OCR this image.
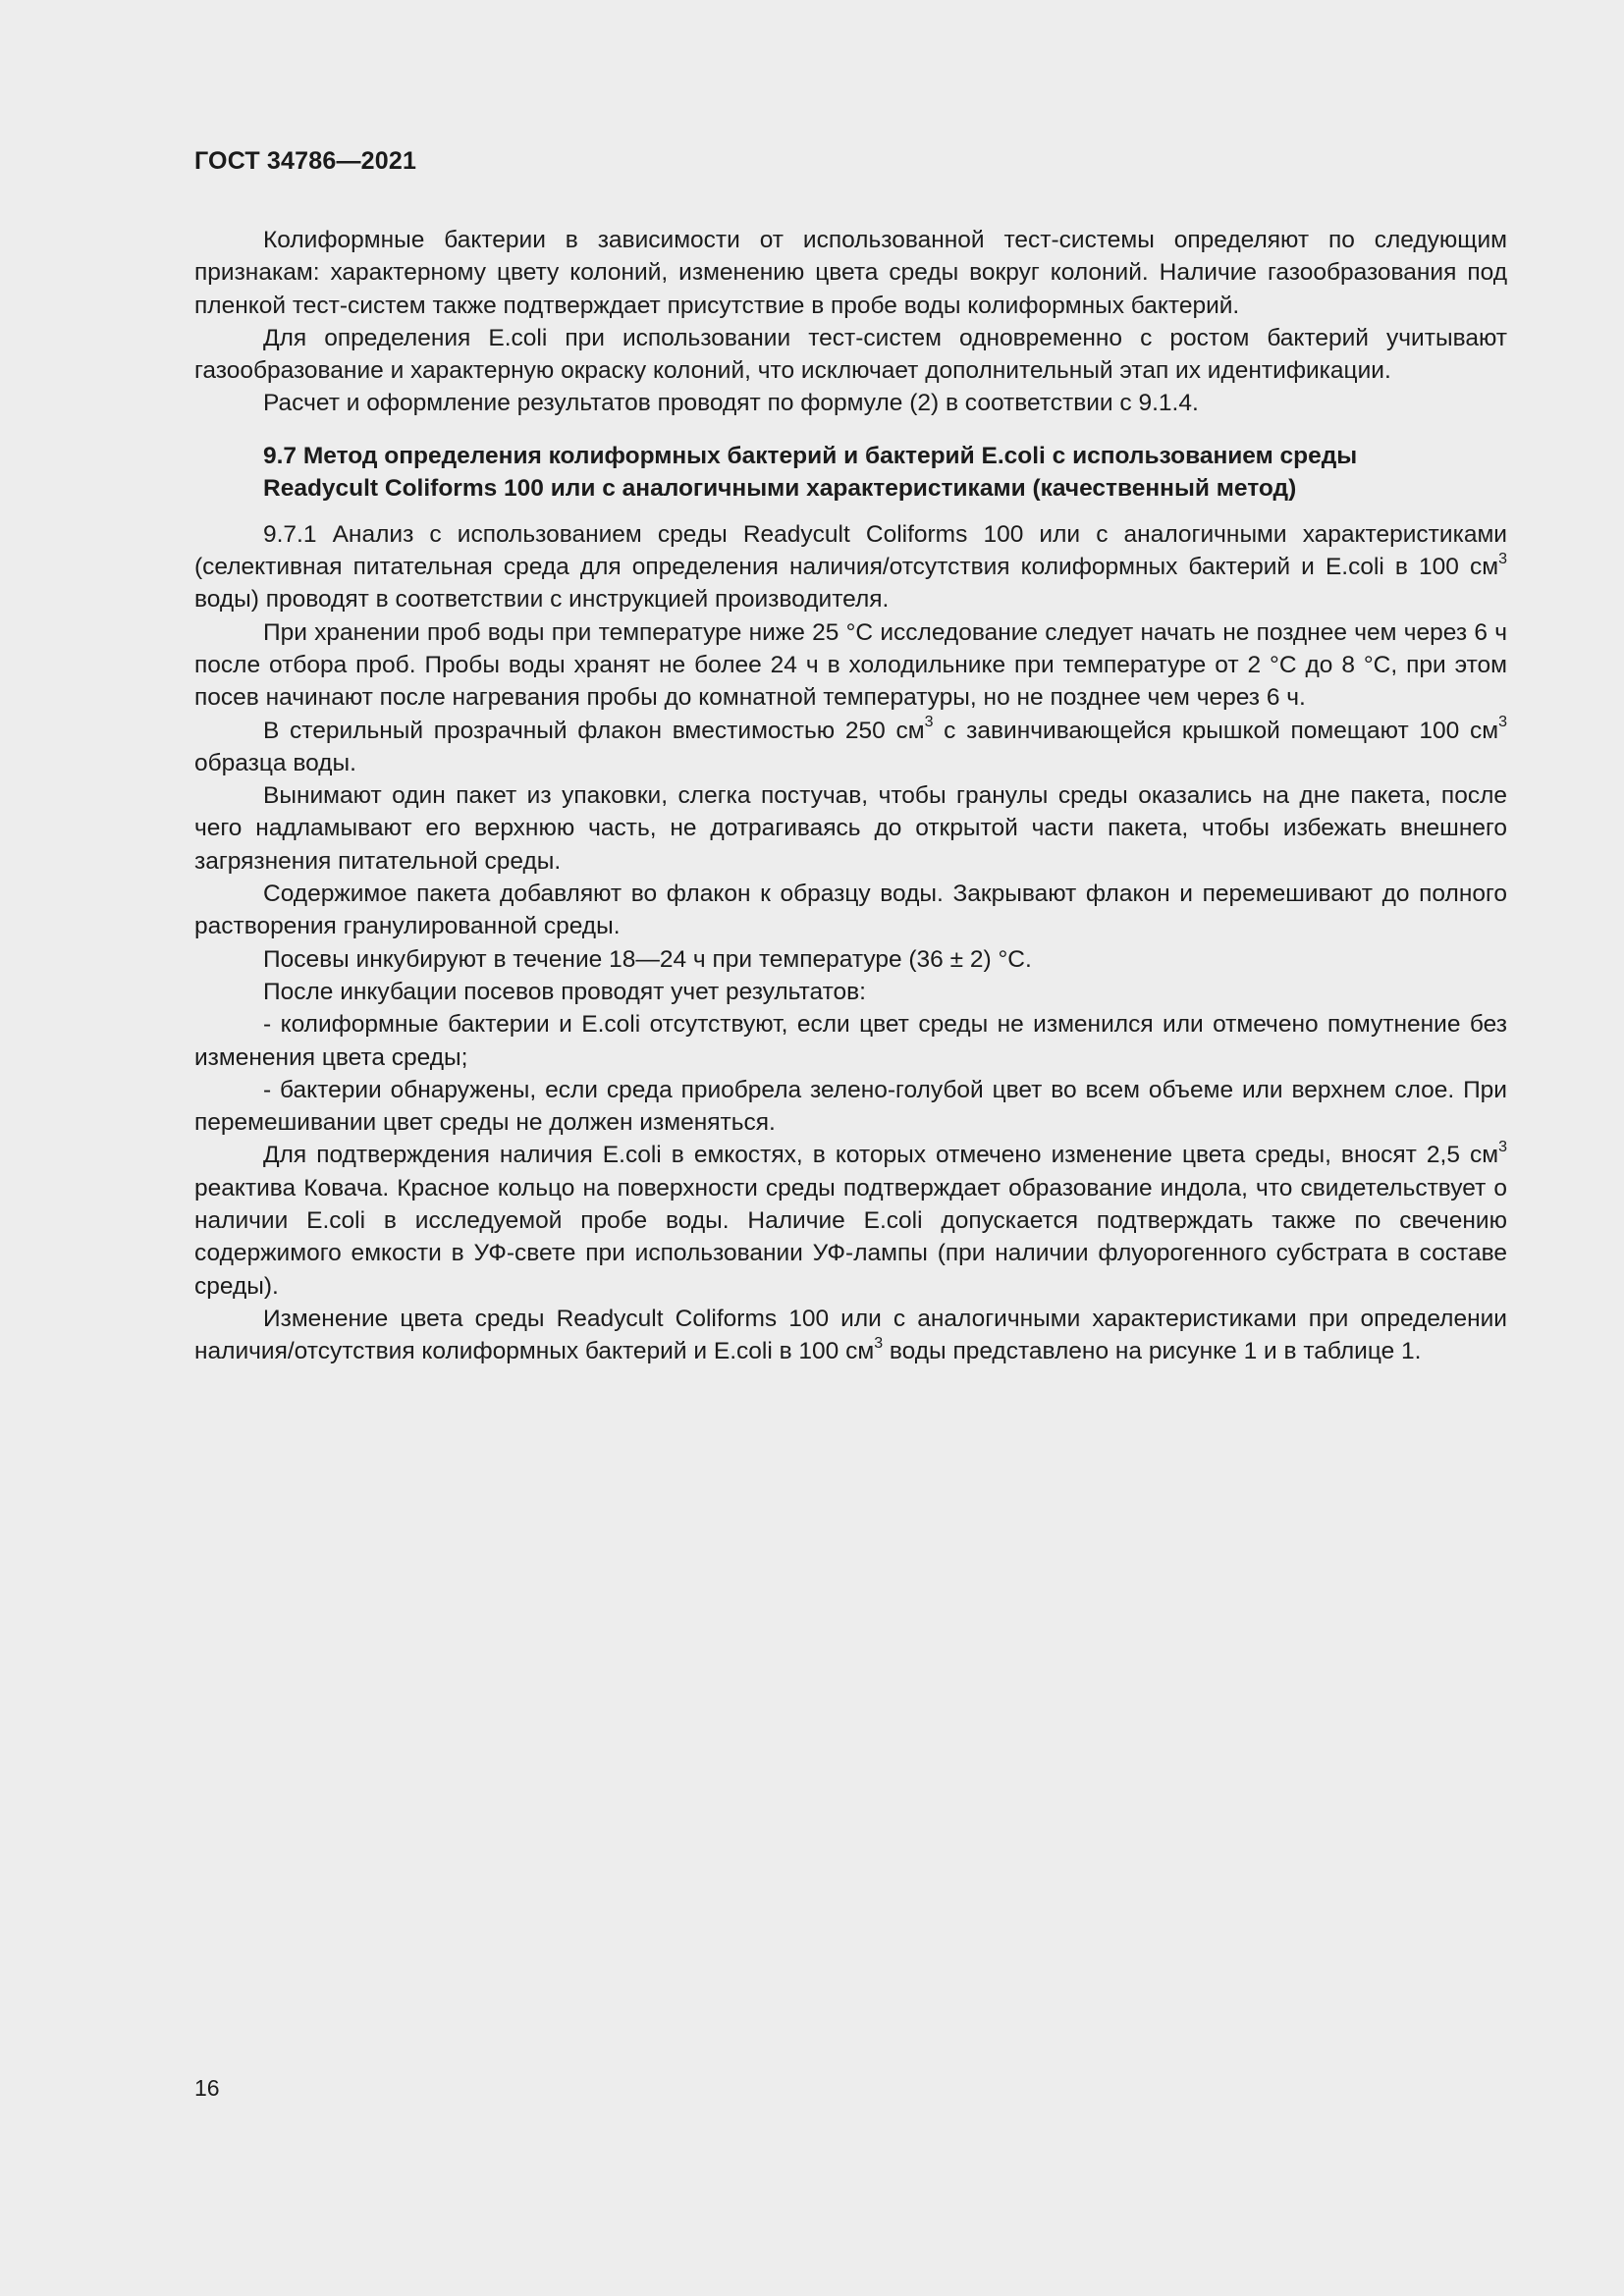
ГОСТ 34786—2021

Колиформные бактерии в зависимости от использованной тест-системы определяют по следующим признакам: характерному цвету колоний, изменению цвета среды вокруг колоний. Наличие газообразования под пленкой тест-систем также подтверждает присутствие в пробе воды колиформных бактерий.

Для определения E.coli при использовании тест-систем одновременно с ростом бактерий учитывают газообразование и характерную окраску колоний, что исключает дополнительный этап их идентификации.

Расчет и оформление результатов проводят по формуле (2) в соответствии с 9.1.4.

9.7 Метод определения колиформных бактерий и бактерий E.coli с использованием среды
Readycult Coliforms 100 или с аналогичными характеристиками (качественный метод)

9.7.1 Анализ с использованием среды Readycult Coliforms 100 или с аналогичными характеристиками (селективная питательная среда для определения наличия/отсутствия колиформных бактерий и E.coli в 100 $см^3$ воды) проводят в соответствии с инструкцией производителя.

При хранении проб воды при температуре ниже 25 °С исследование следует начать не позднее чем через 6 ч после отбора проб. Пробы воды хранят не более 24 ч в холодильнике при температуре от 2 °С до 8 °С, при этом посев начинают после нагревания пробы до комнатной температуры, но не позднее чем через 6 ч.

В стерильный прозрачный флакон вместимостью 250 $см^3$ с завинчивающейся крышкой помещают 100 $см^3$ образца воды.

Вынимают один пакет из упаковки, слегка постучав, чтобы гранулы среды оказались на дне пакета, после чего надламывают его верхнюю часть, не дотрагиваясь до открытой части пакета, чтобы избежать внешнего загрязнения питательной среды.

Содержимое пакета добавляют во флакон к образцу воды. Закрывают флакон и перемешивают до полного растворения гранулированной среды.

Посевы инкубируют в течение 18—24 ч при температуре (36 ± 2) °С.

После инкубации посевов проводят учет результатов:

- колиформные бактерии и E.coli отсутствуют, если цвет среды не изменился или отмечено помутнение без изменения цвета среды;

- бактерии обнаружены, если среда приобрела зелено-голубой цвет во всем объеме или верхнем слое. При перемешивании цвет среды не должен изменяться.

Для подтверждения наличия E.coli в емкостях, в которых отмечено изменение цвета среды, вносят 2,5 $см^3$ реактива Ковача. Красное кольцо на поверхности среды подтверждает образование индола, что свидетельствует о наличии E.coli в исследуемой пробе воды. Наличие E.coli допускается подтверждать также по свечению содержимого емкости в УФ-свете при использовании УФ-лампы (при наличии флуорогенного субстрата в составе среды).

Изменение цвета среды Readycult Coliforms 100 или с аналогичными характеристиками при определении наличия/отсутствия колиформных бактерий и E.coli в 100 $см^3$ воды представлено на рисунке 1 и в таблице 1.

16
